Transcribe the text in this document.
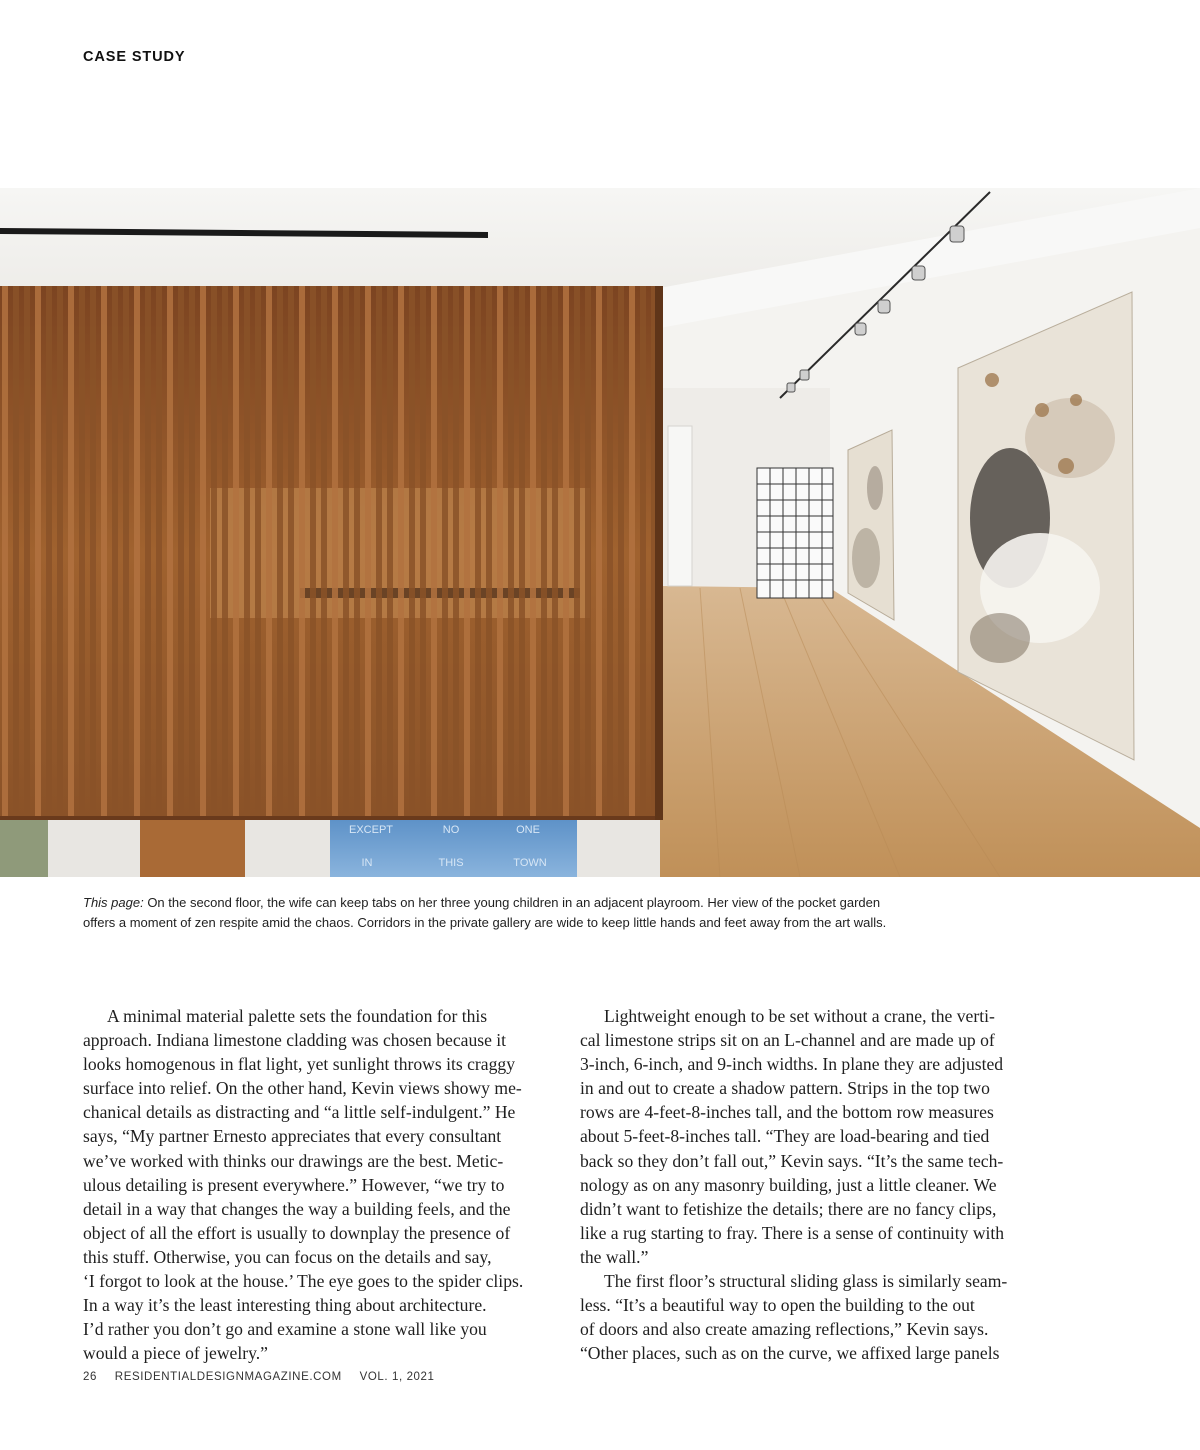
CASE STUDY
EXCEPT	NO	ONE
IN	THIS	TOWN
This page: On the second floor, the wife can keep tabs on her three young children in an adjacent playroom. Her view of the pocket garden offers a moment of zen respite amid the chaos. Corridors in the private gallery are wide to keep little hands and feet away from the art walls.

A minimal material palette sets the foundation for this
approach. Indiana limestone cladding was chosen because it
looks homogenous in flat light, yet sunlight throws its craggy
surface into relief. On the other hand, Kevin views showy me-
chanical details as distracting and “a little self-indulgent.” He
says, “My partner Ernesto appreciates that every consultant
we’ve worked with thinks our drawings are the best. Metic-
ulous detailing is present everywhere.” However, “we try to
detail in a way that changes the way a building feels, and the
object of all the effort is usually to downplay the presence of
this stuff. Otherwise, you can focus on the details and say,
‘I forgot to look at the house.’ The eye goes to the spider clips.
In a way it’s the least interesting thing about architecture.
I’d rather you don’t go and examine a stone wall like you
would a piece of jewelry.”

Lightweight enough to be set without a crane, the verti-
cal limestone strips sit on an L-channel and are made up of
3-inch, 6-inch, and 9-inch widths. In plane they are adjusted
in and out to create a shadow pattern. Strips in the top two
rows are 4-feet-8-inches tall, and the bottom row measures
about 5-feet-8-inches tall. “They are load-bearing and tied
back so they don’t fall out,” Kevin says. “It’s the same tech-
nology as on any masonry building, just a little cleaner. We
didn’t want to fetishize the details; there are no fancy clips,
like a rug starting to fray. There is a sense of continuity with
the wall.”

The first floor’s structural sliding glass is similarly seam-
less. “It’s a beautiful way to open the building to the out
of doors and also create amazing reflections,” Kevin says.
“Other places, such as on the curve, we affixed large panels

26 RESIDENTIALDESIGNMAGAZINE.COM VOL. 1, 2021
